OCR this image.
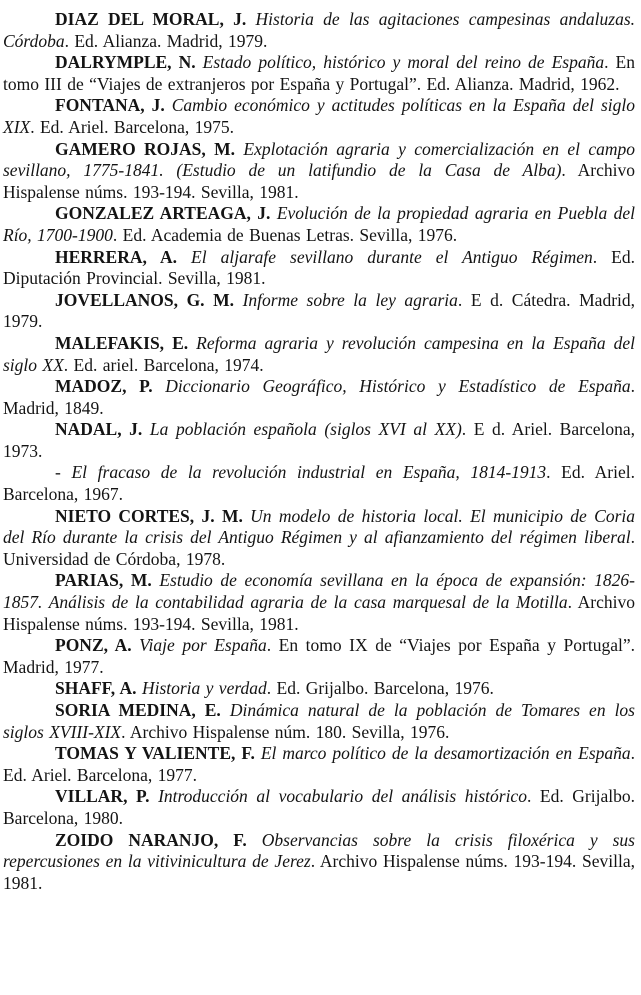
DIAZ DEL MORAL, J. Historia de las agitaciones campesinas andaluzas. Córdoba. Ed. Alianza. Madrid, 1979.

DALRYMPLE, N. Estado político, histórico y moral del reino de España. En tomo III de “Viajes de extranjeros por España y Portugal”. Ed. Alianza. Madrid, 1962.

FONTANA, J. Cambio económico y actitudes políticas en la España del siglo XIX. Ed. Ariel. Barcelona, 1975.

GAMERO ROJAS, M. Explotación agraria y comercialización en el campo sevillano, 1775-1841. (Estudio de un latifundio de la Casa de Alba). Archivo Hispalense núms. 193-194. Sevilla, 1981.

GONZALEZ ARTEAGA, J. Evolución de la propiedad agraria en Puebla del Río, 1700-1900. Ed. Academia de Buenas Letras. Sevilla, 1976.

HERRERA, A. El aljarafe sevillano durante el Antiguo Régimen. Ed. Diputación Provincial. Sevilla, 1981.

JOVELLANOS, G. M. Informe sobre la ley agraria. E d. Cátedra. Madrid, 1979.

MALEFAKIS, E. Reforma agraria y revolución campesina en la España del siglo XX. Ed. ariel. Barcelona, 1974.

MADOZ, P. Diccionario Geográfico, Histórico y Estadístico de España. Madrid, 1849.

NADAL, J. La población española (siglos XVI al XX). E d. Ariel. Barcelona, 1973.

- El fracaso de la revolución industrial en España, 1814-1913. Ed. Ariel. Barcelona, 1967.

NIETO CORTES, J. M. Un modelo de historia local. El municipio de Coria del Río durante la crisis del Antiguo Régimen y al afianzamiento del régimen liberal. Universidad de Córdoba, 1978.

PARIAS, M. Estudio de economía sevillana en la época de expansión: 1826-1857. Análisis de la contabilidad agraria de la casa marquesal de la Motilla. Archivo Hispalense núms. 193-194. Sevilla, 1981.

PONZ, A. Viaje por España. En tomo IX de “Viajes por España y Portugal”. Madrid, 1977.

SHAFF, A. Historia y verdad. Ed. Grijalbo. Barcelona, 1976.

SORIA MEDINA, E. Dinámica natural de la población de Tomares en los siglos XVIII-XIX. Archivo Hispalense núm. 180. Sevilla, 1976.

TOMAS Y VALIENTE, F. El marco político de la desamortización en España. Ed. Ariel. Barcelona, 1977.

VILLAR, P. Introducción al vocabulario del análisis histórico. Ed. Grijalbo. Barcelona, 1980.

ZOIDO NARANJO, F. Observancias sobre la crisis filoxérica y sus repercusiones en la vitivinicultura de Jerez. Archivo Hispalense núms. 193-194. Sevilla, 1981.
